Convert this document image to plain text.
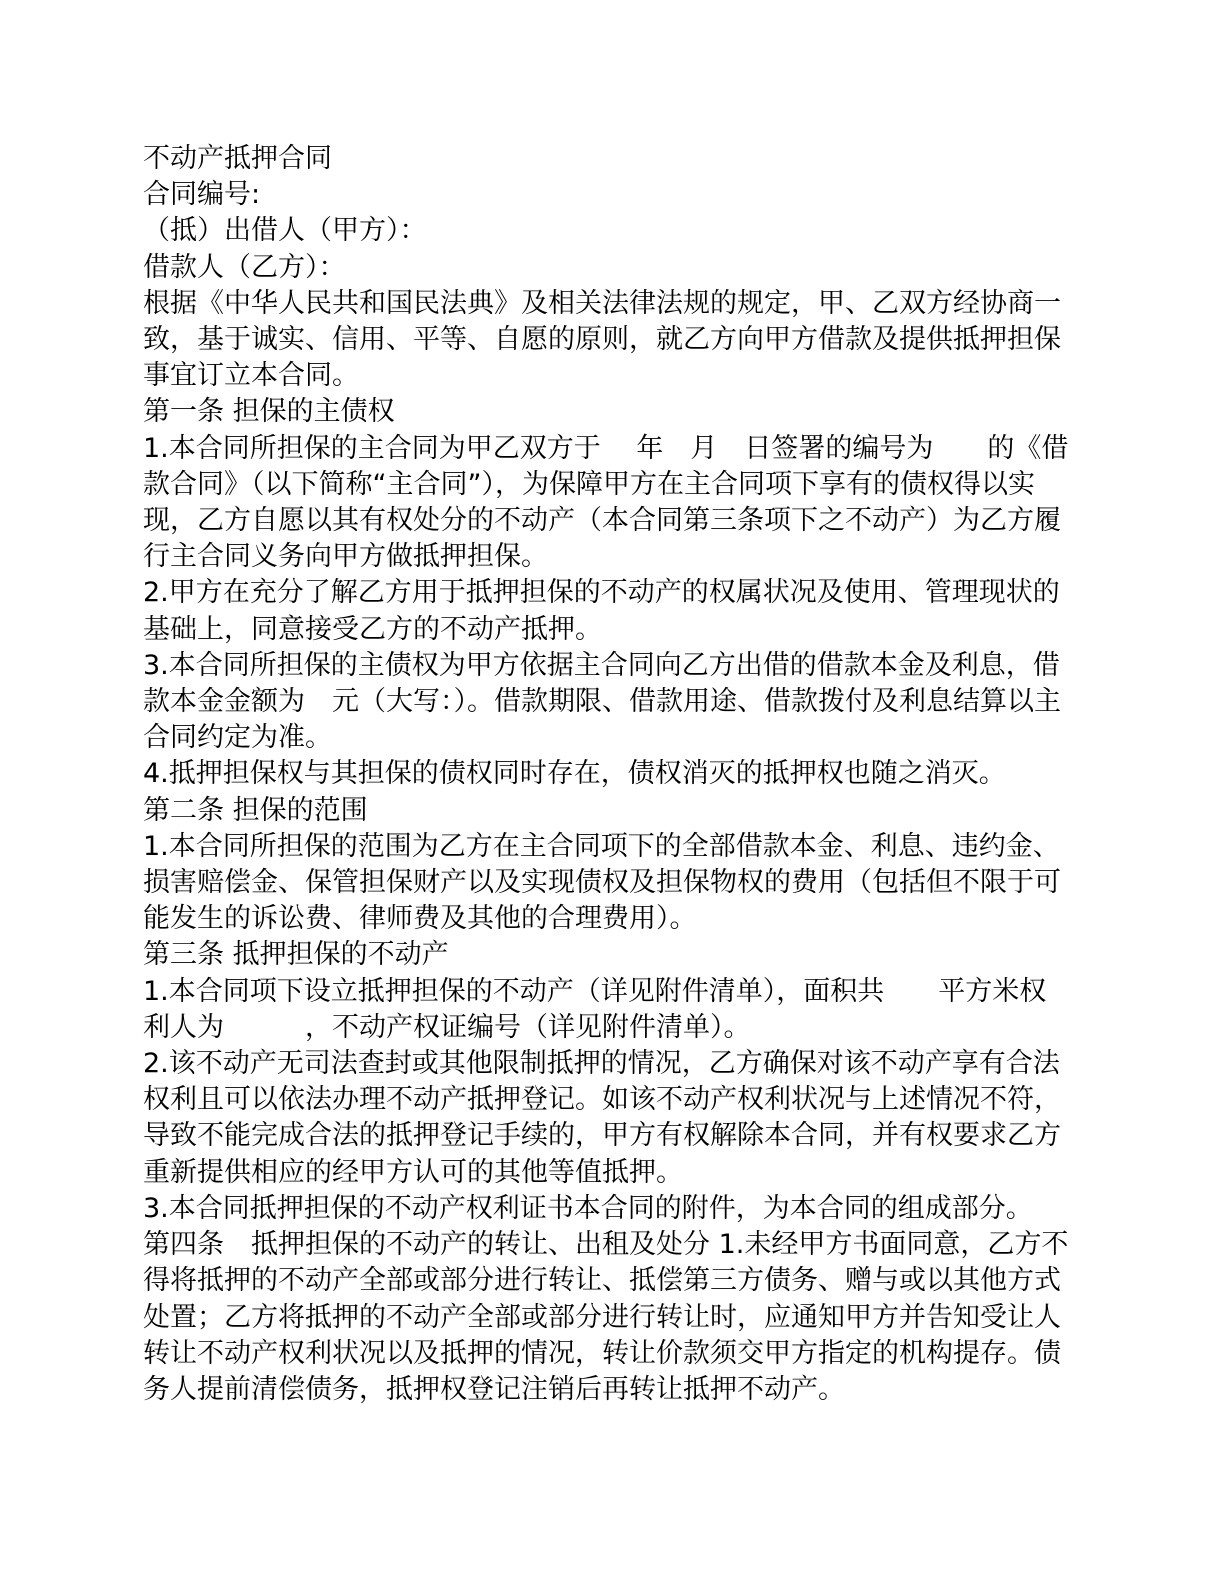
不动产抵押合同

合同编号:

（抵）出借人（甲方）：

借款人（乙方）：

根据《中华人民共和国民法典》及相关法律法规的规定，甲、乙双方经协商一致，基于诚实、信用、平等、自愿的原则，就乙方向甲方借款及提供抵押担保事宜订立本合同。

第一条 担保的主债权

1.本合同所担保的主合同为甲乙双方于　 年　月　日签署的编号为　　的《借款合同》（以下简称“主合同”），为保障甲方在主合同项下享有的债权得以实现，乙方自愿以其有权处分的不动产（本合同第三条项下之不动产）为乙方履行主合同义务向甲方做抵押担保。

2.甲方在充分了解乙方用于抵押担保的不动产的权属状况及使用、管理现状的基础上，同意接受乙方的不动产抵押。

3.本合同所担保的主债权为甲方依据主合同向乙方出借的借款本金及利息，借款本金金额为　元（大写：）。借款期限、借款用途、借款拨付及利息结算以主合同约定为准。

4.抵押担保权与其担保的债权同时存在，债权消灭的抵押权也随之消灭。

第二条 担保的范围

1.本合同所担保的范围为乙方在主合同项下的全部借款本金、利息、违约金、损害赔偿金、保管担保财产以及实现债权及担保物权的费用（包括但不限于可能发生的诉讼费、律师费及其他的合理费用）。

第三条 抵押担保的不动产

1.本合同项下设立抵押担保的不动产（详见附件清单），面积共　　平方米权利人为　　　，不动产权证编号（详见附件清单）。

2.该不动产无司法查封或其他限制抵押的情况，乙方确保对该不动产享有合法权利且可以依法办理不动产抵押登记。如该不动产权利状况与上述情况不符，导致不能完成合法的抵押登记手续的，甲方有权解除本合同，并有权要求乙方重新提供相应的经甲方认可的其他等值抵押。

3.本合同抵押担保的不动产权利证书本合同的附件，为本合同的组成部分。

第四条　抵押担保的不动产的转让、出租及处分 1.未经甲方书面同意，乙方不得将抵押的不动产全部或部分进行转让、抵偿第三方债务、赠与或以其他方式处置；乙方将抵押的不动产全部或部分进行转让时，应通知甲方并告知受让人转让不动产权利状况以及抵押的情况，转让价款须交甲方指定的机构提存。债务人提前清偿债务，抵押权登记注销后再转让抵押不动产。
